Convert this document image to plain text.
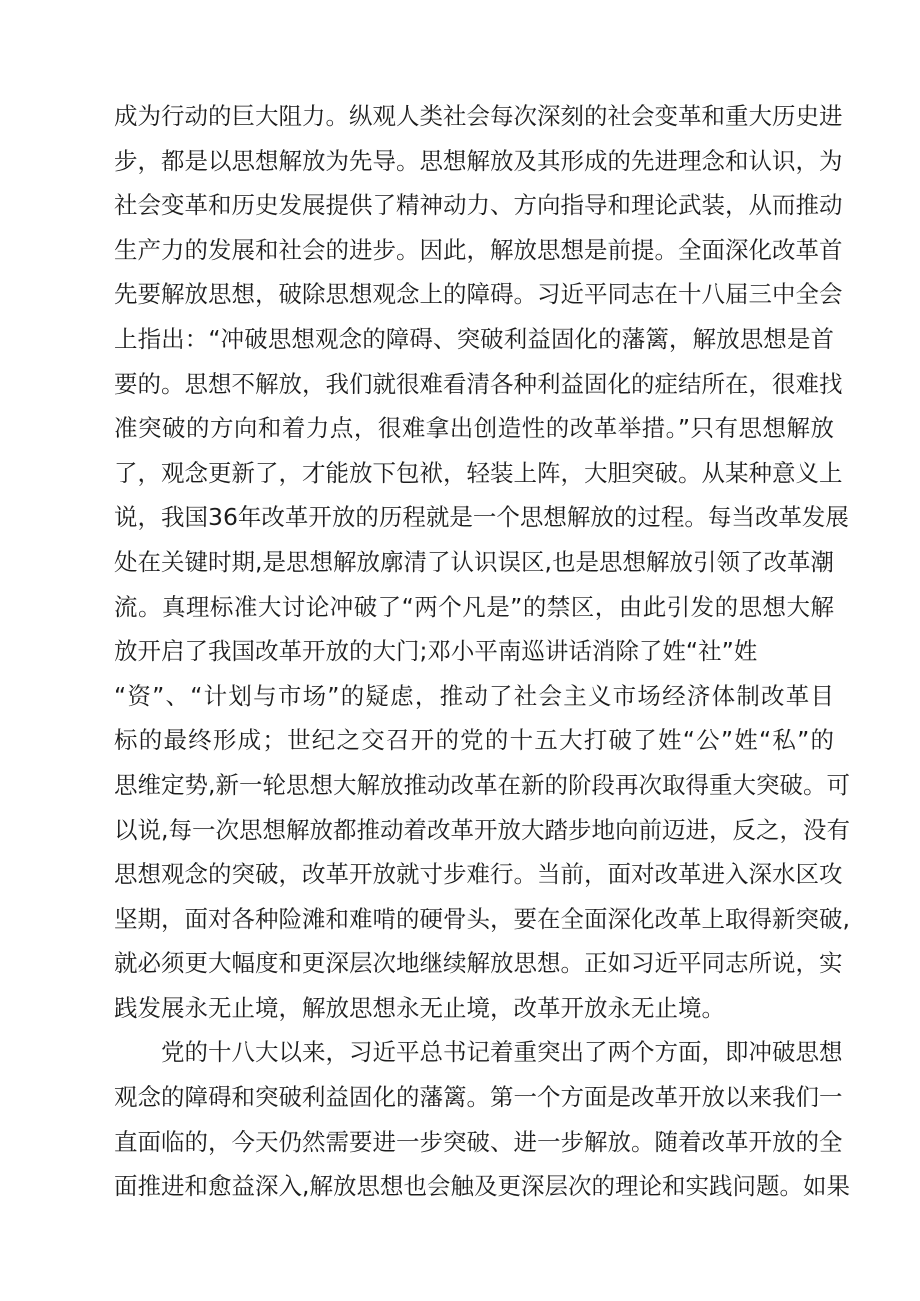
成为行动的巨大阻力。纵观人类社会每次深刻的社会变革和重大历史进
步，都是以思想解放为先导。思想解放及其形成的先进理念和认识，为
社会变革和历史发展提供了精神动力、方向指导和理论武装，从而推动
生产力的发展和社会的进步。因此，解放思想是前提。全面深化改革首
先要解放思想，破除思想观念上的障碍。习近平同志在十八届三中全会
上指出：“冲破思想观念的障碍、突破利益固化的藩篱，解放思想是首
要的。思想不解放，我们就很难看清各种利益固化的症结所在，很难找
准突破的方向和着力点，很难拿出创造性的改革举措。”只有思想解放
了，观念更新了，才能放下包袱，轻装上阵，大胆突破。从某种意义上
说，我国36年改革开放的历程就是一个思想解放的过程。每当改革发展
处在关键时期,是思想解放廓清了认识误区,也是思想解放引领了改革潮
流。真理标准大讨论冲破了“两个凡是”的禁区，由此引发的思想大解
放开启了我国改革开放的大门;邓小平南巡讲话消除了姓“社”姓
“资”、“计划与市场”的疑虑，推动了社会主义市场经济体制改革目
标的最终形成；世纪之交召开的党的十五大打破了姓“公”姓“私”的
思维定势,新一轮思想大解放推动改革在新的阶段再次取得重大突破。可
以说,每一次思想解放都推动着改革开放大踏步地向前迈进，反之，没有
思想观念的突破，改革开放就寸步难行。当前，面对改革进入深水区攻
坚期，面对各种险滩和难啃的硬骨头，要在全面深化改革上取得新突破,
就必须更大幅度和更深层次地继续解放思想。正如习近平同志所说，实
践发展永无止境，解放思想永无止境，改革开放永无止境。
党的十八大以来，习近平总书记着重突出了两个方面，即冲破思想
观念的障碍和突破利益固化的藩篱。第一个方面是改革开放以来我们一
直面临的，今天仍然需要进一步突破、进一步解放。随着改革开放的全
面推进和愈益深入,解放思想也会触及更深层次的理论和实践问题。如果
